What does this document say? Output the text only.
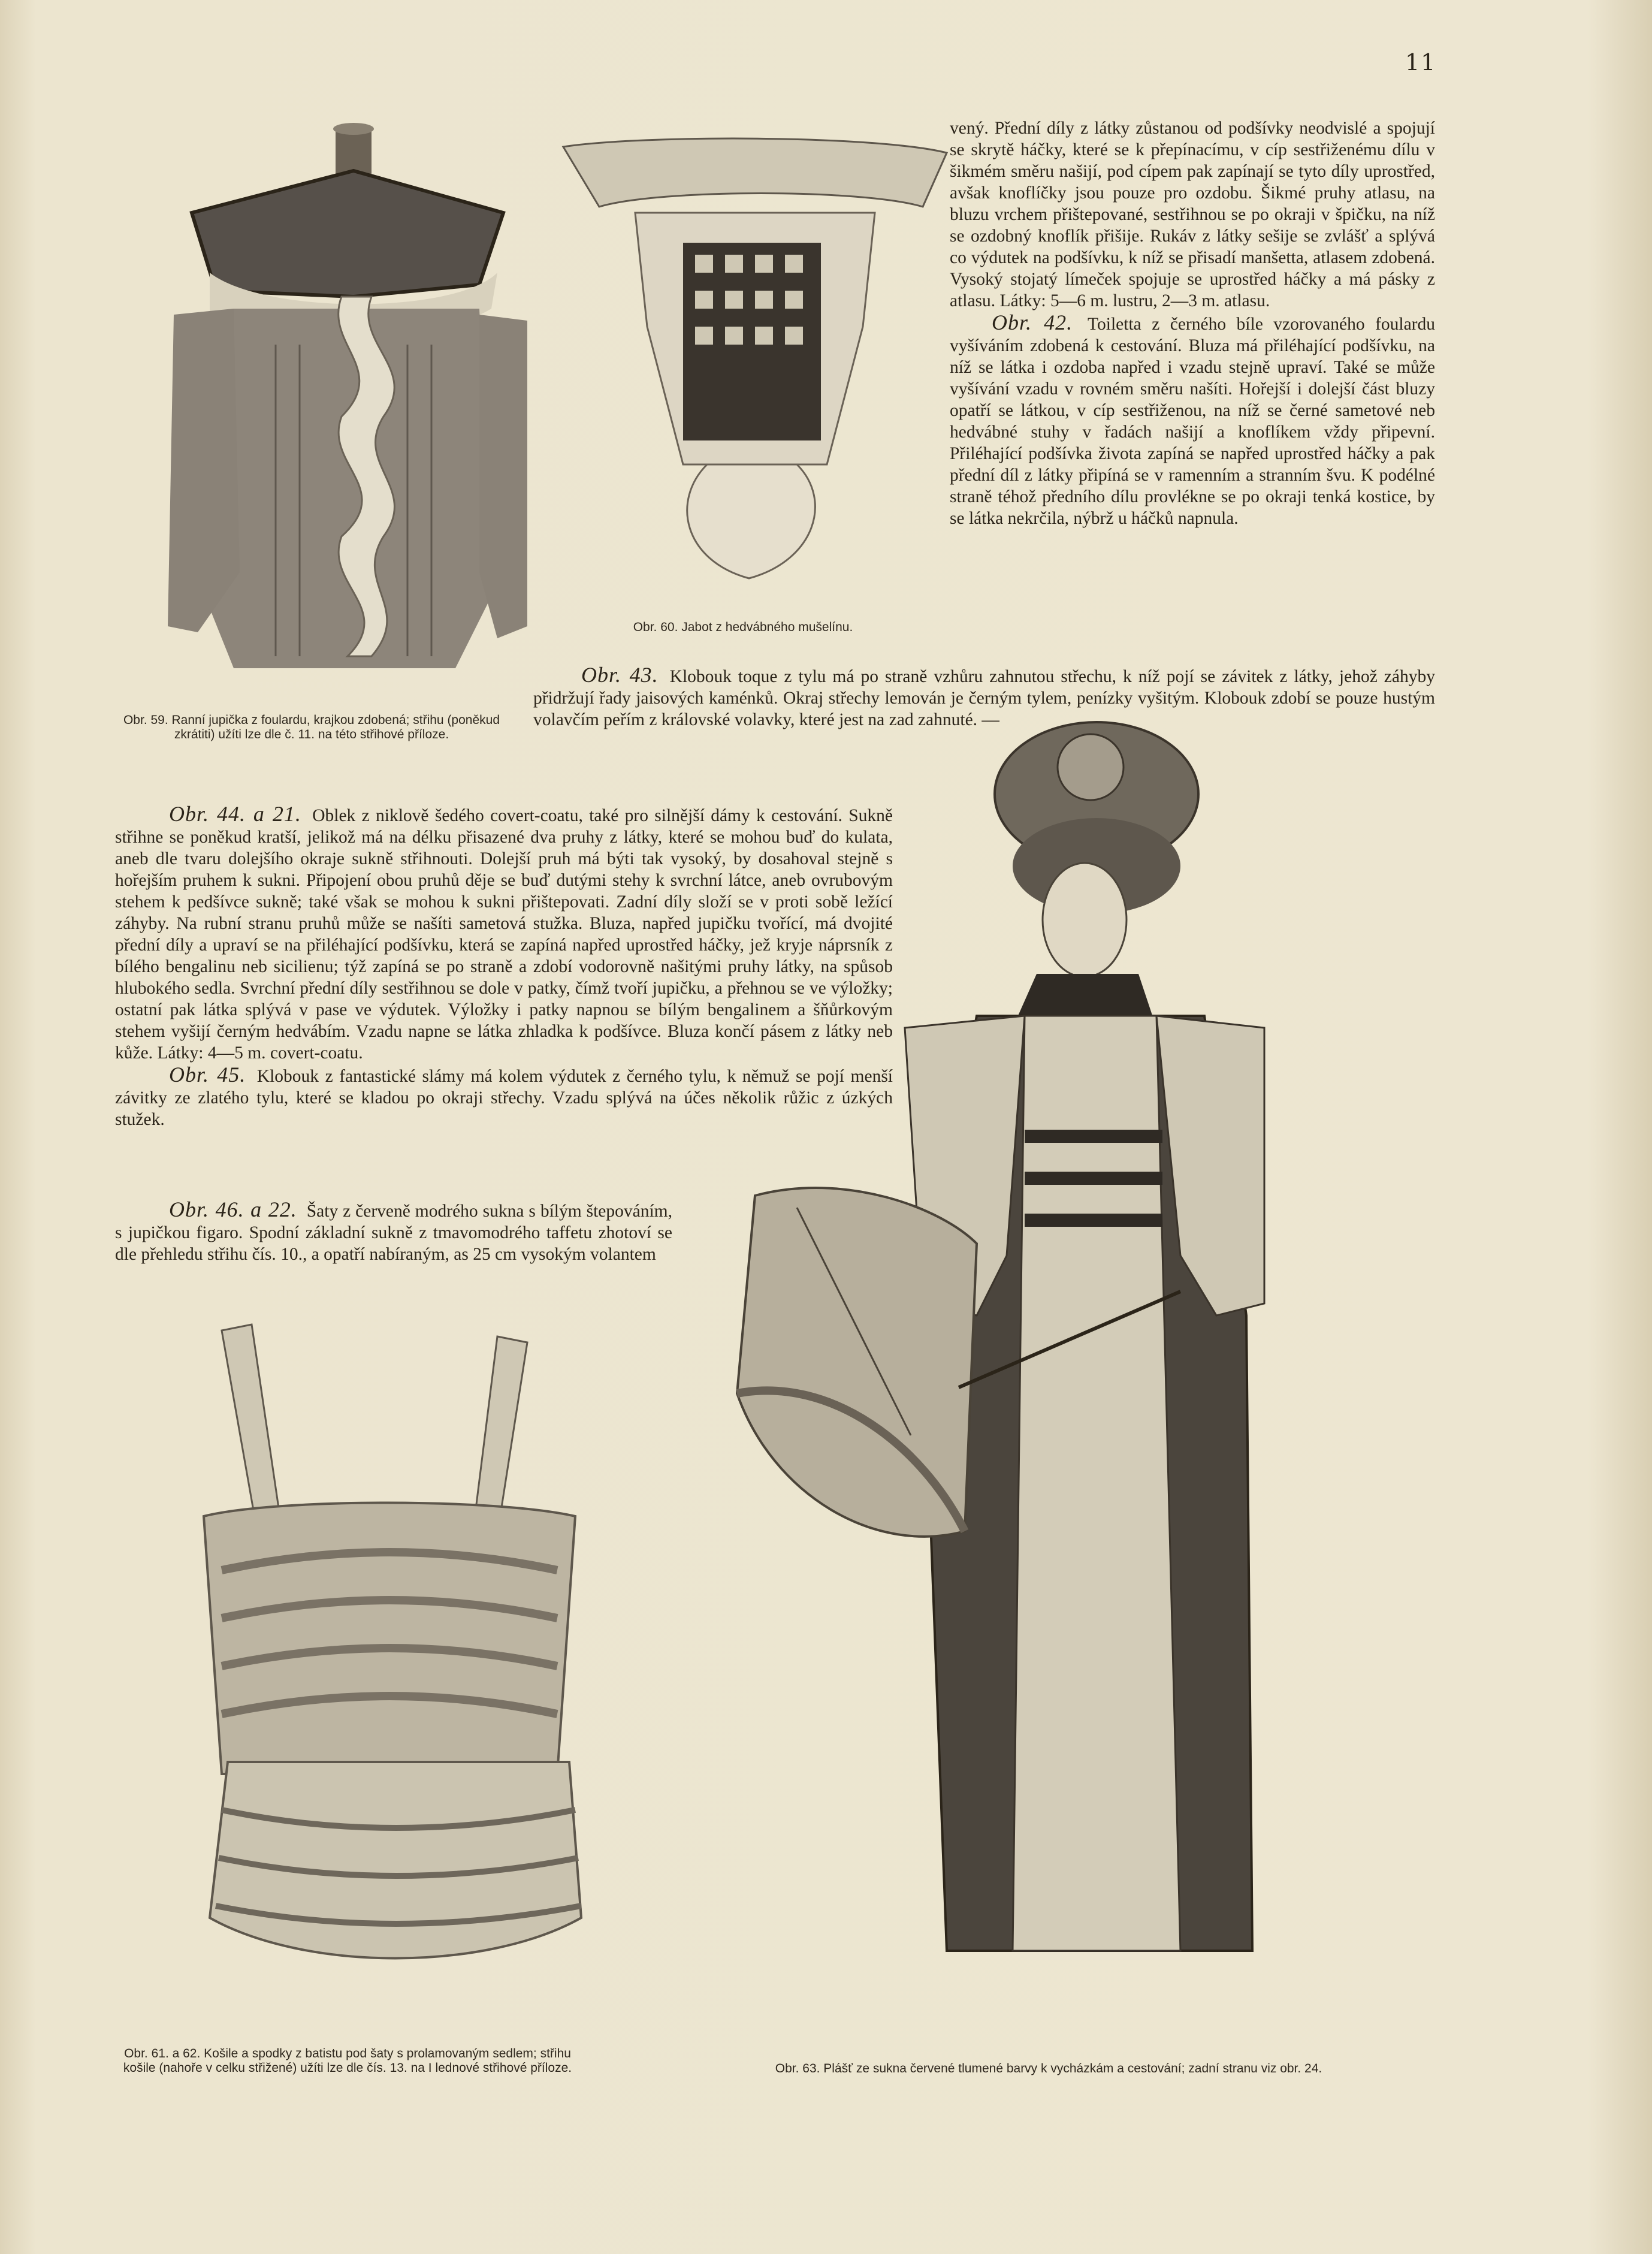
11

Obr. 59. Ranní jupička z foulardu, krajkou zdobená; střihu (poněkud zkrátiti) užíti lze dle č. 11. na této střihové příloze.

Obr. 60. Jabot z hedvábného mušelínu.

vený. Přední díly z látky zůstanou od podšívky neodvislé a spojují se skrytě háčky, které se k přepínacímu, v cíp sestřiženému dílu v šikmém směru našijí, pod cípem pak zapínají se tyto díly uprostřed, avšak knoflíčky jsou pouze pro ozdobu. Šikmé pruhy atlasu, na bluzu vrchem přištepované, sestřihnou se po okraji v špičku, na níž se ozdobný knoflík přišije. Rukáv z látky sešije se zvlášť a splývá co výdutek na podšívku, k níž se přisadí manšetta, atlasem zdobená. Vysoký stojatý límeček spojuje se uprostřed háčky a má pásky z atlasu. Látky: 5—6 m. lustru, 2—3 m. atlasu.

Obr. 42. Toiletta z černého bíle vzorovaného foulardu vyšíváním zdobená k cestování. Bluza má přiléhající podšívku, na níž se látka i ozdoba napřed i vzadu stejně upraví. Také se může vyšívání vzadu v rovném směru našíti. Hořejší i dolejší část bluzy opatří se látkou, v cíp sestřiženou, na níž se černé sametové neb hedvábné stuhy v řadách našijí a knoflíkem vždy připevní. Přiléhající podšívka života zapíná se napřed uprostřed háčky a pak přední díl z látky připíná se v ramenním a stranním švu. K podélné straně téhož předního dílu provlékne se po okraji tenká kostice, by se látka nekrčila, nýbrž u háčků napnula.

Obr. 43. Klobouk toque z tylu má po straně vzhůru zahnutou střechu, k níž pojí se závitek z látky, jehož záhyby přidržují řady jaisových kaménků. Okraj střechy lemován je černým tylem, penízky vyšitým. Klobouk zdobí se pouze hustým volavčím peřím z královské volavky, které jest na zad zahnuté. —

Obr. 44. a 21. Oblek z niklově šedého covert-coatu, také pro silnější dámy k cestování. Sukně střihne se poněkud kratší, jelikož má na délku přisazené dva pruhy z látky, které se mohou buď do kulata, aneb dle tvaru dolejšího okraje sukně střihnouti. Dolejší pruh má býti tak vysoký, by dosahoval stejně s hořejším pruhem k sukni. Připojení obou pruhů děje se buď dutými stehy k svrchní látce, aneb ovrubovým stehem k pedšívce sukně; také však se mohou k sukni přištepovati. Zadní díly složí se v proti sobě ležící záhyby. Na rubní stranu pruhů může se našíti sametová stužka. Bluza, napřed jupičku tvořící, má dvojité přední díly a upraví se na přiléhající podšívku, která se zapíná napřed uprostřed háčky, jež kryje náprsník z bílého bengalinu neb sicilienu; týž zapíná se po straně a zdobí vodorovně našitými pruhy látky, na spůsob hlubokého sedla. Svrchní přední díly sestřihnou se dole v patky, čímž tvoří jupičku, a přehnou se ve výložky; ostatní pak látka splývá v pase ve výdutek. Výložky i patky napnou se bílým bengalinem a šňůrkovým stehem vyšijí černým hedvábím. Vzadu napne se látka zhladka k podšívce. Bluza končí pásem z látky neb kůže. Látky: 4—5 m. covert-coatu.

Obr. 45. Klobouk z fantastické slámy má kolem výdutek z černého tylu, k němuž se pojí menší závitky ze zlatého tylu, které se kladou po okraji střechy. Vzadu splývá na účes několik růžic z úzkých stužek.

Obr. 46. a 22. Šaty z červeně modrého sukna s bílým štepováním, s jupičkou figaro. Spodní základní sukně z tmavomodrého taffetu zhotoví se dle přehledu střihu čís. 10., a opatří nabíraným, as 25 cm vysokým volantem

Obr. 61. a 62. Košile a spodky z batistu pod šaty s prolamovaným sedlem; střihu košile (nahoře v celku střižené) užíti lze dle čís. 13. na I lednové střihové příloze.	Obr. 63. Plášť ze sukna červené tlumené barvy k vycházkám a cestování; zadní stranu viz obr. 24.
